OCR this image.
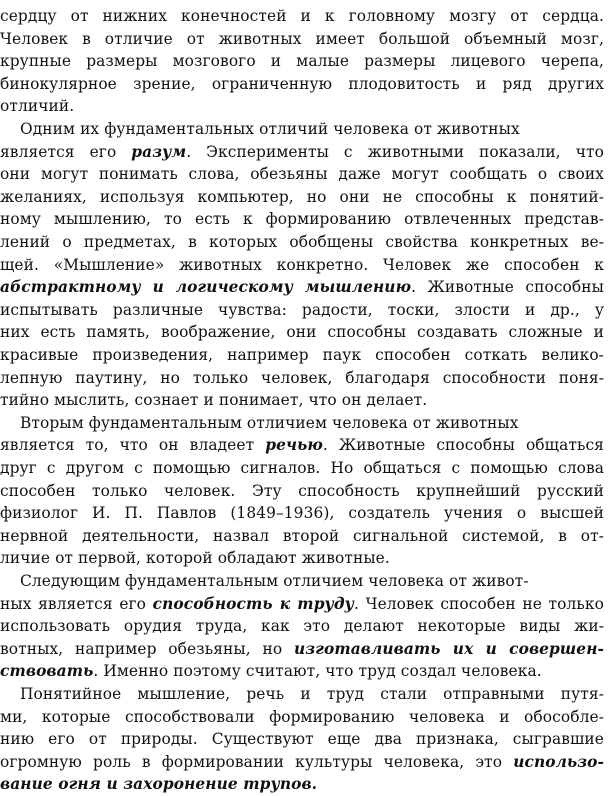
сердцу от нижних конечностей и к головному мозгу от сердца.
Человек в отличие от животных имеет большой объемный мозг,
крупные размеры мозгового и малые размеры лицевого черепа,
бинокулярное зрение, ограниченную плодовитость и ряд других
отличий.
Одним их фундаментальных отличий человека от животных
является его разум. Эксперименты с животными показали, что
они могут понимать слова, обезьяны даже могут сообщать о своих
желаниях, используя компьютер, но они не способны к понятий-
ному мышлению, то есть к формированию отвлеченных представ-
лений о предметах, в которых обобщены свойства конкретных ве-
щей. «Мышление» животных конкретно. Человек же способен к
абстрактному и логическому мышлению. Животные способны
испытывать различные чувства: радости, тоски, злости и др., у
них есть память, воображение, они способны создавать сложные и
красивые произведения, например паук способен соткать велико-
лепную паутину, но только человек, благодаря способности поня-
тийно мыслить, сознает и понимает, что он делает.
Вторым фундаментальным отличием человека от животных
является то, что он владеет речью. Животные способны общаться
друг с другом с помощью сигналов. Но общаться с помощью слова
способен только человек. Эту способность крупнейший русский
физиолог И. П. Павлов (1849–1936), создатель учения о высшей
нервной деятельности, назвал второй сигнальной системой, в от-
личие от первой, которой обладают животные.
Следующим фундаментальным отличием человека от живот-
ных является его способность к труду. Человек способен не только
использовать орудия труда, как это делают некоторые виды жи-
вотных, например обезьяны, но изготавливать их и совершен-
ствовать. Именно поэтому считают, что труд создал человека.
Понятийное мышление, речь и труд стали отправными путя-
ми, которые способствовали формированию человека и обособле-
нию его от природы. Существуют еще два признака, сыгравшие
огромную роль в формировании культуры человека, это использо-
вание огня и захоронение трупов.
